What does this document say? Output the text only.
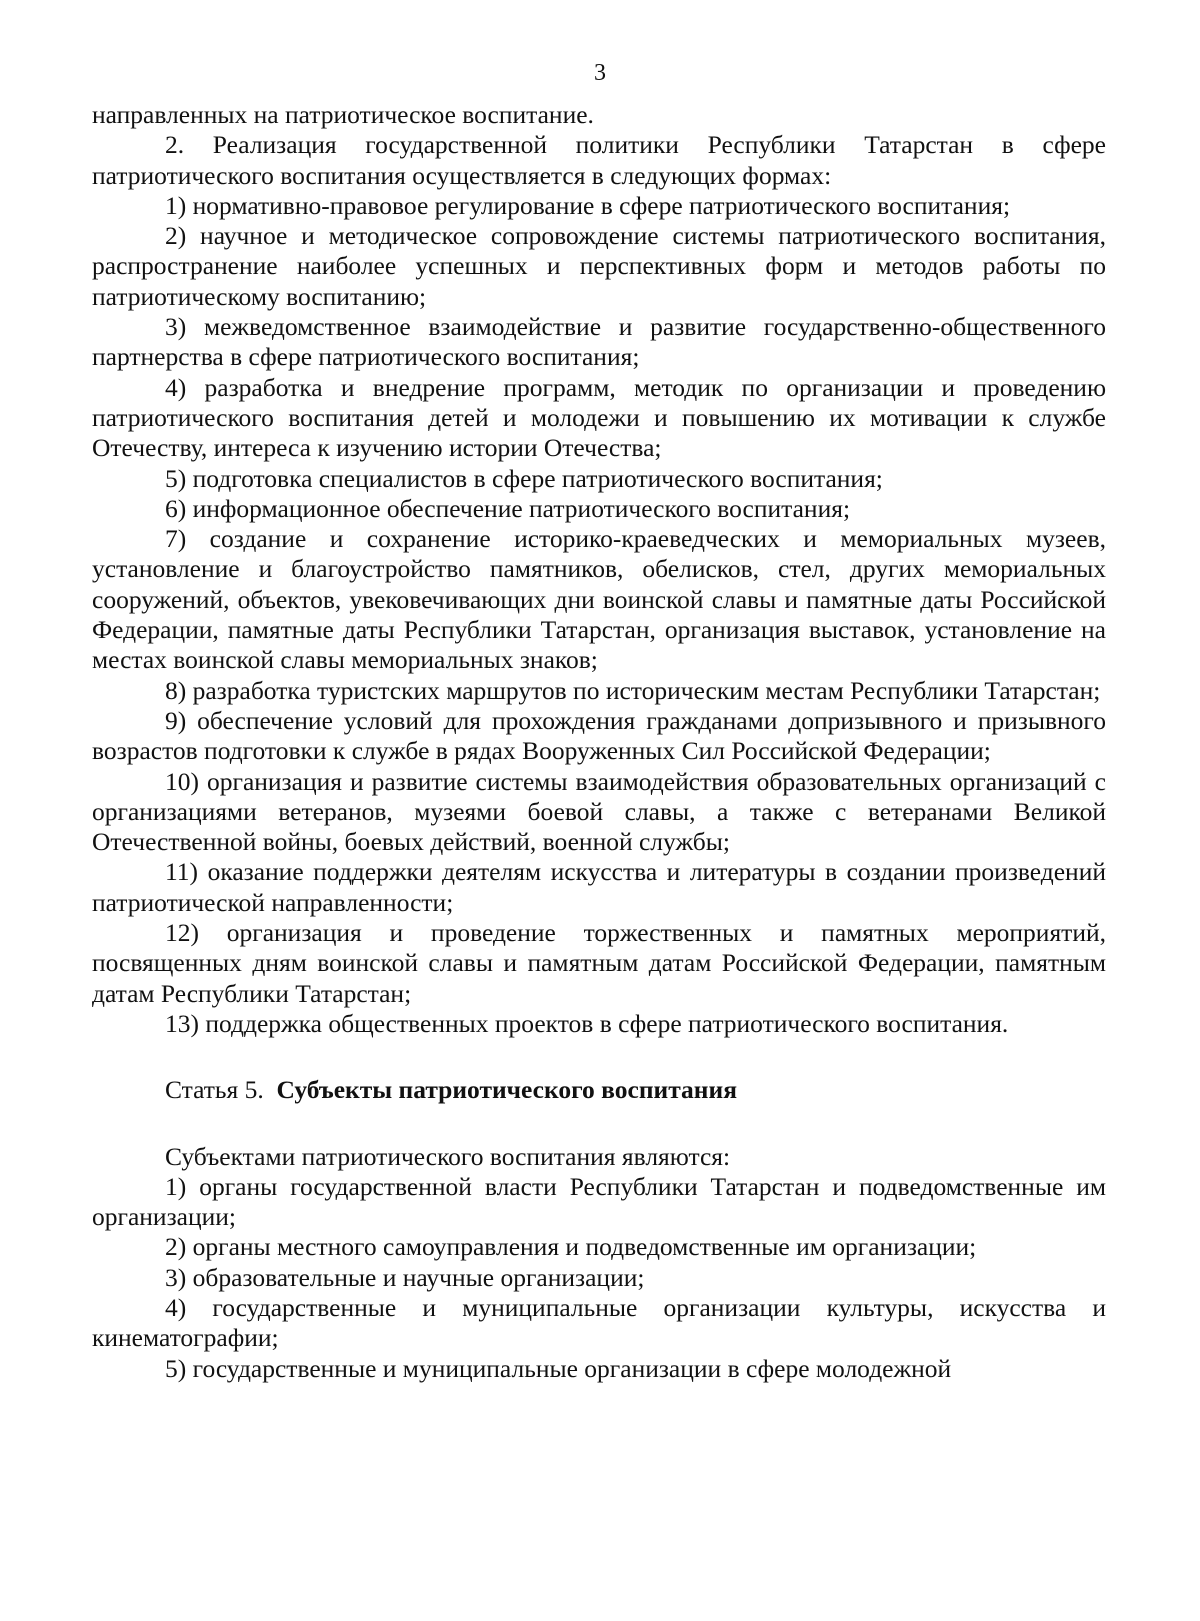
3

направленных на патриотическое воспитание.

2. Реализация государственной политики Республики Татарстан в сфере патриотического воспитания осуществляется в следующих формах:

1) нормативно-правовое регулирование в сфере патриотического воспитания;

2) научное и методическое сопровождение системы патриотического воспитания, распространение наиболее успешных и перспективных форм и методов работы по патриотическому воспитанию;

3) межведомственное взаимодействие и развитие государственно-общественного партнерства в сфере патриотического воспитания;

4) разработка и внедрение программ, методик по организации и проведению патриотического воспитания детей и молодежи и повышению их мотивации к службе Отечеству, интереса к изучению истории Отечества;

5) подготовка специалистов в сфере патриотического воспитания;

6) информационное обеспечение патриотического воспитания;

7) создание и сохранение историко-краеведческих и мемориальных музеев, установление и благоустройство памятников, обелисков, стел, других мемориальных сооружений, объектов, увековечивающих дни воинской славы и памятные даты Российской Федерации, памятные даты Республики Татарстан, организация выставок, установление на местах воинской славы мемориальных знаков;

8) разработка туристских маршрутов по историческим местам Республики Татарстан;

9) обеспечение условий для прохождения гражданами допризывного и призывного возрастов подготовки к службе в рядах Вооруженных Сил Российской Федерации;

10) организация и развитие системы взаимодействия образовательных организаций с организациями ветеранов, музеями боевой славы, а также с ветеранами Великой Отечественной войны, боевых действий, военной службы;

11) оказание поддержки деятелям искусства и литературы в создании произведений патриотической направленности;

12) организация и проведение торжественных и памятных мероприятий, посвященных дням воинской славы и памятным датам Российской Федерации, памятным датам Республики Татарстан;

13) поддержка общественных проектов в сфере патриотического воспитания.

Статья 5. Субъекты патриотического воспитания

Субъектами патриотического воспитания являются:

1) органы государственной власти Республики Татарстан и подведомственные им организации;

2) органы местного самоуправления и подведомственные им организации;

3) образовательные и научные организации;

4) государственные и муниципальные организации культуры, искусства и кинематографии;

5) государственные и муниципальные организации в сфере молодежной
